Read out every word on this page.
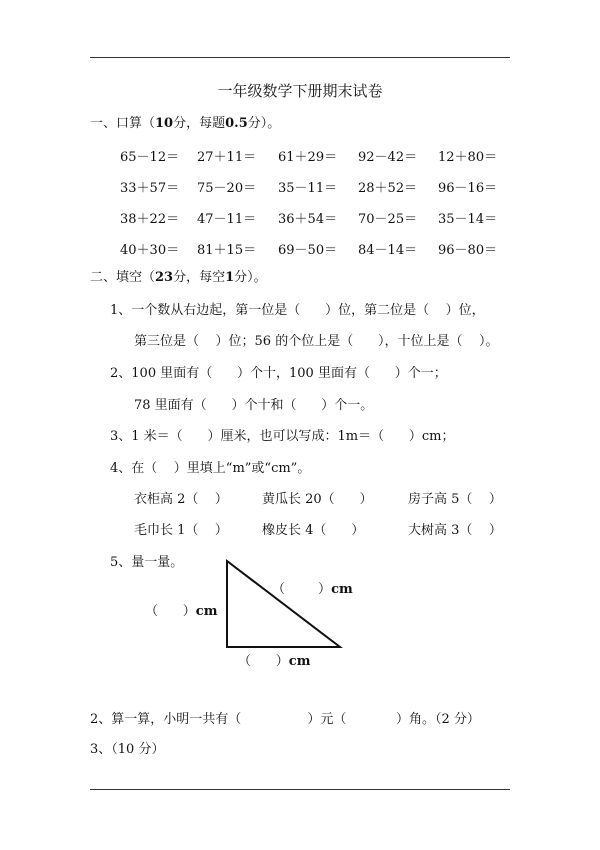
一年级数学下册期末试卷
一、口算（10分，每题0.5分）。
65－12＝ 27＋11＝ 61＋29＝ 92－42＝ 12＋80＝
33＋57＝ 75－20＝ 35－11＝ 28＋52＝ 96－16＝
38＋22＝ 47－11＝ 36＋54＝ 70－25＝ 35－14＝
40＋30＝ 81＋15＝ 69－50＝ 84－14＝ 96－80＝
二、填空（23分，每空1分）。
1、一个数从右边起，第一位是（      ）位，第二位是（    ）位，
第三位是（    ）位；56 的个位上是（      ），十位上是（    ）。
2、100 里面有（      ）个十，100 里面有（      ）个一；
78 里面有（      ）个十和（      ）个一。
3、1 米＝（      ）厘米，也可以写成：1m＝（      ）cm；
4、在（    ）里填上“m”或“cm”。
衣柜高 2（    ）	黄瓜长 20（      ）	房子高 5（    ）
毛巾长 1（    ）	橡皮长 4（      ）	大树高 3（    ）
5、量一量。
（        ）cm
（      ）cm
（      ）cm
2、算一算，小明一共有（                ）元（            ）角。（2 分）
3、（10 分）
